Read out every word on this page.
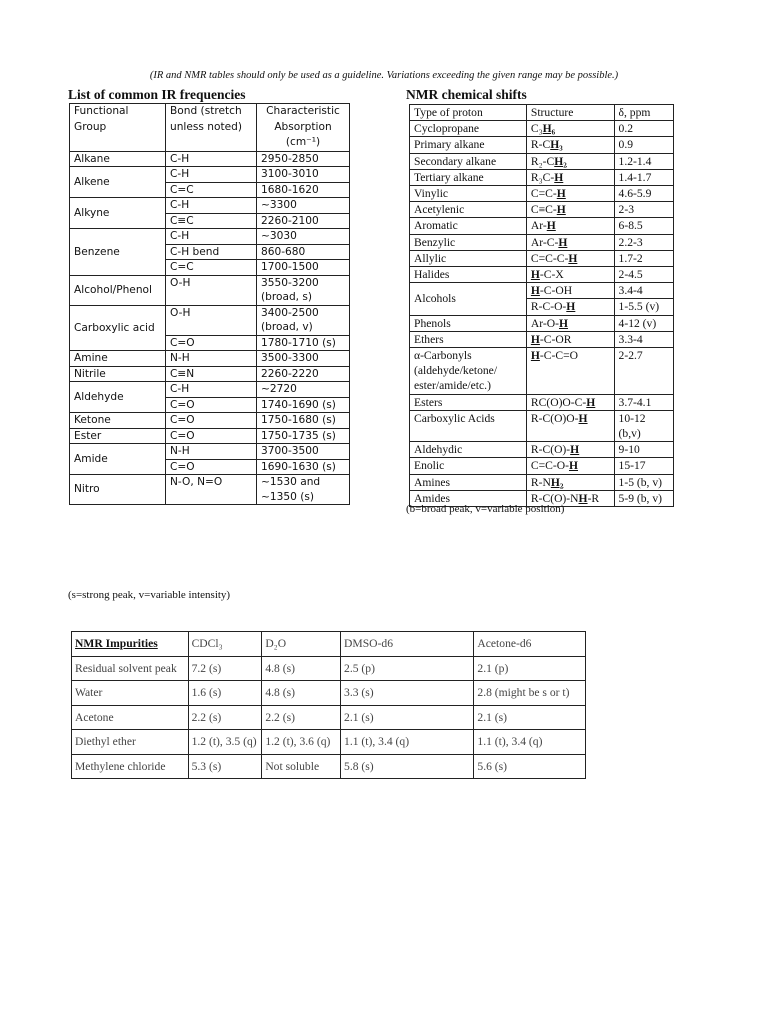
(IR and NMR tables should only be used as a guideline. Variations exceeding the given range may be possible.)
List of common IR frequencies
Functional Group	Bond (stretch unless noted)	Characteristic Absorption (cm⁻¹)
Alkane	C-H	2950-2850
Alkene	C-H	3100-3010
	C=C	1680-1620
Alkyne	C-H	~3300
	C≡C	2260-2100
Benzene	C-H	~3030
	C-H bend	860-680
	C=C	1700-1500
Alcohol/Phenol	O-H	3550-3200 (broad, s)
Carboxylic acid	O-H	3400-2500 (broad, v)
	C=O	1780-1710 (s)
Amine	N-H	3500-3300
Nitrile	C≡N	2260-2220
Aldehyde	C-H	~2720
	C=O	1740-1690 (s)
Ketone	C=O	1750-1680 (s)
Ester	C=O	1750-1735 (s)
Amide	N-H	3700-3500
	C=O	1690-1630 (s)
Nitro	N-O, N=O	~1530 and ~1350 (s)
(s=strong peak, v=variable intensity)
NMR chemical shifts
Type of proton	Structure	δ, ppm
Cyclopropane	C₃H₆	0.2
Primary alkane	R-CH₃	0.9
Secondary alkane	R₂-CH₂	1.2-1.4
Tertiary alkane	R₃C-H	1.4-1.7
Vinylic	C=C-H	4.6-5.9
Acetylenic	C≡C-H	2-3
Aromatic	Ar-H	6-8.5
Benzylic	Ar-C-H	2.2-3
Allylic	C=C-C-H	1.7-2
Halides	H-C-X	2-4.5
Alcohols	H-C-OH	3.4-4
	R-C-O-H	1-5.5 (v)
Phenols	Ar-O-H	4-12 (v)
Ethers	H-C-OR	3.3-4
α-Carbonyls (aldehyde/ketone/ ester/amide/etc.)	H-C-C=O	2-2.7
Esters	RC(O)O-C-H	3.7-4.1
Carboxylic Acids	R-C(O)O-H	10-12 (b,v)
Aldehydic	R-C(O)-H	9-10
Enolic	C=C-O-H	15-17
Amines	R-NH₂	1-5 (b, v)
Amides	R-C(O)-NH-R	5-9 (b, v)
(b=broad peak, v=variable position)
NMR Impurities	CDCl₃	D₂O	DMSO-d6	Acetone-d6
Residual solvent peak	7.2 (s)	4.8 (s)	2.5 (p)	2.1 (p)
Water	1.6 (s)	4.8 (s)	3.3 (s)	2.8 (might be s or t)
Acetone	2.2 (s)	2.2 (s)	2.1 (s)	2.1 (s)
Diethyl ether	1.2 (t), 3.5 (q)	1.2 (t), 3.6 (q)	1.1 (t), 3.4 (q)	1.1 (t), 3.4 (q)
Methylene chloride	5.3 (s)	Not soluble	5.8 (s)	5.6 (s)
